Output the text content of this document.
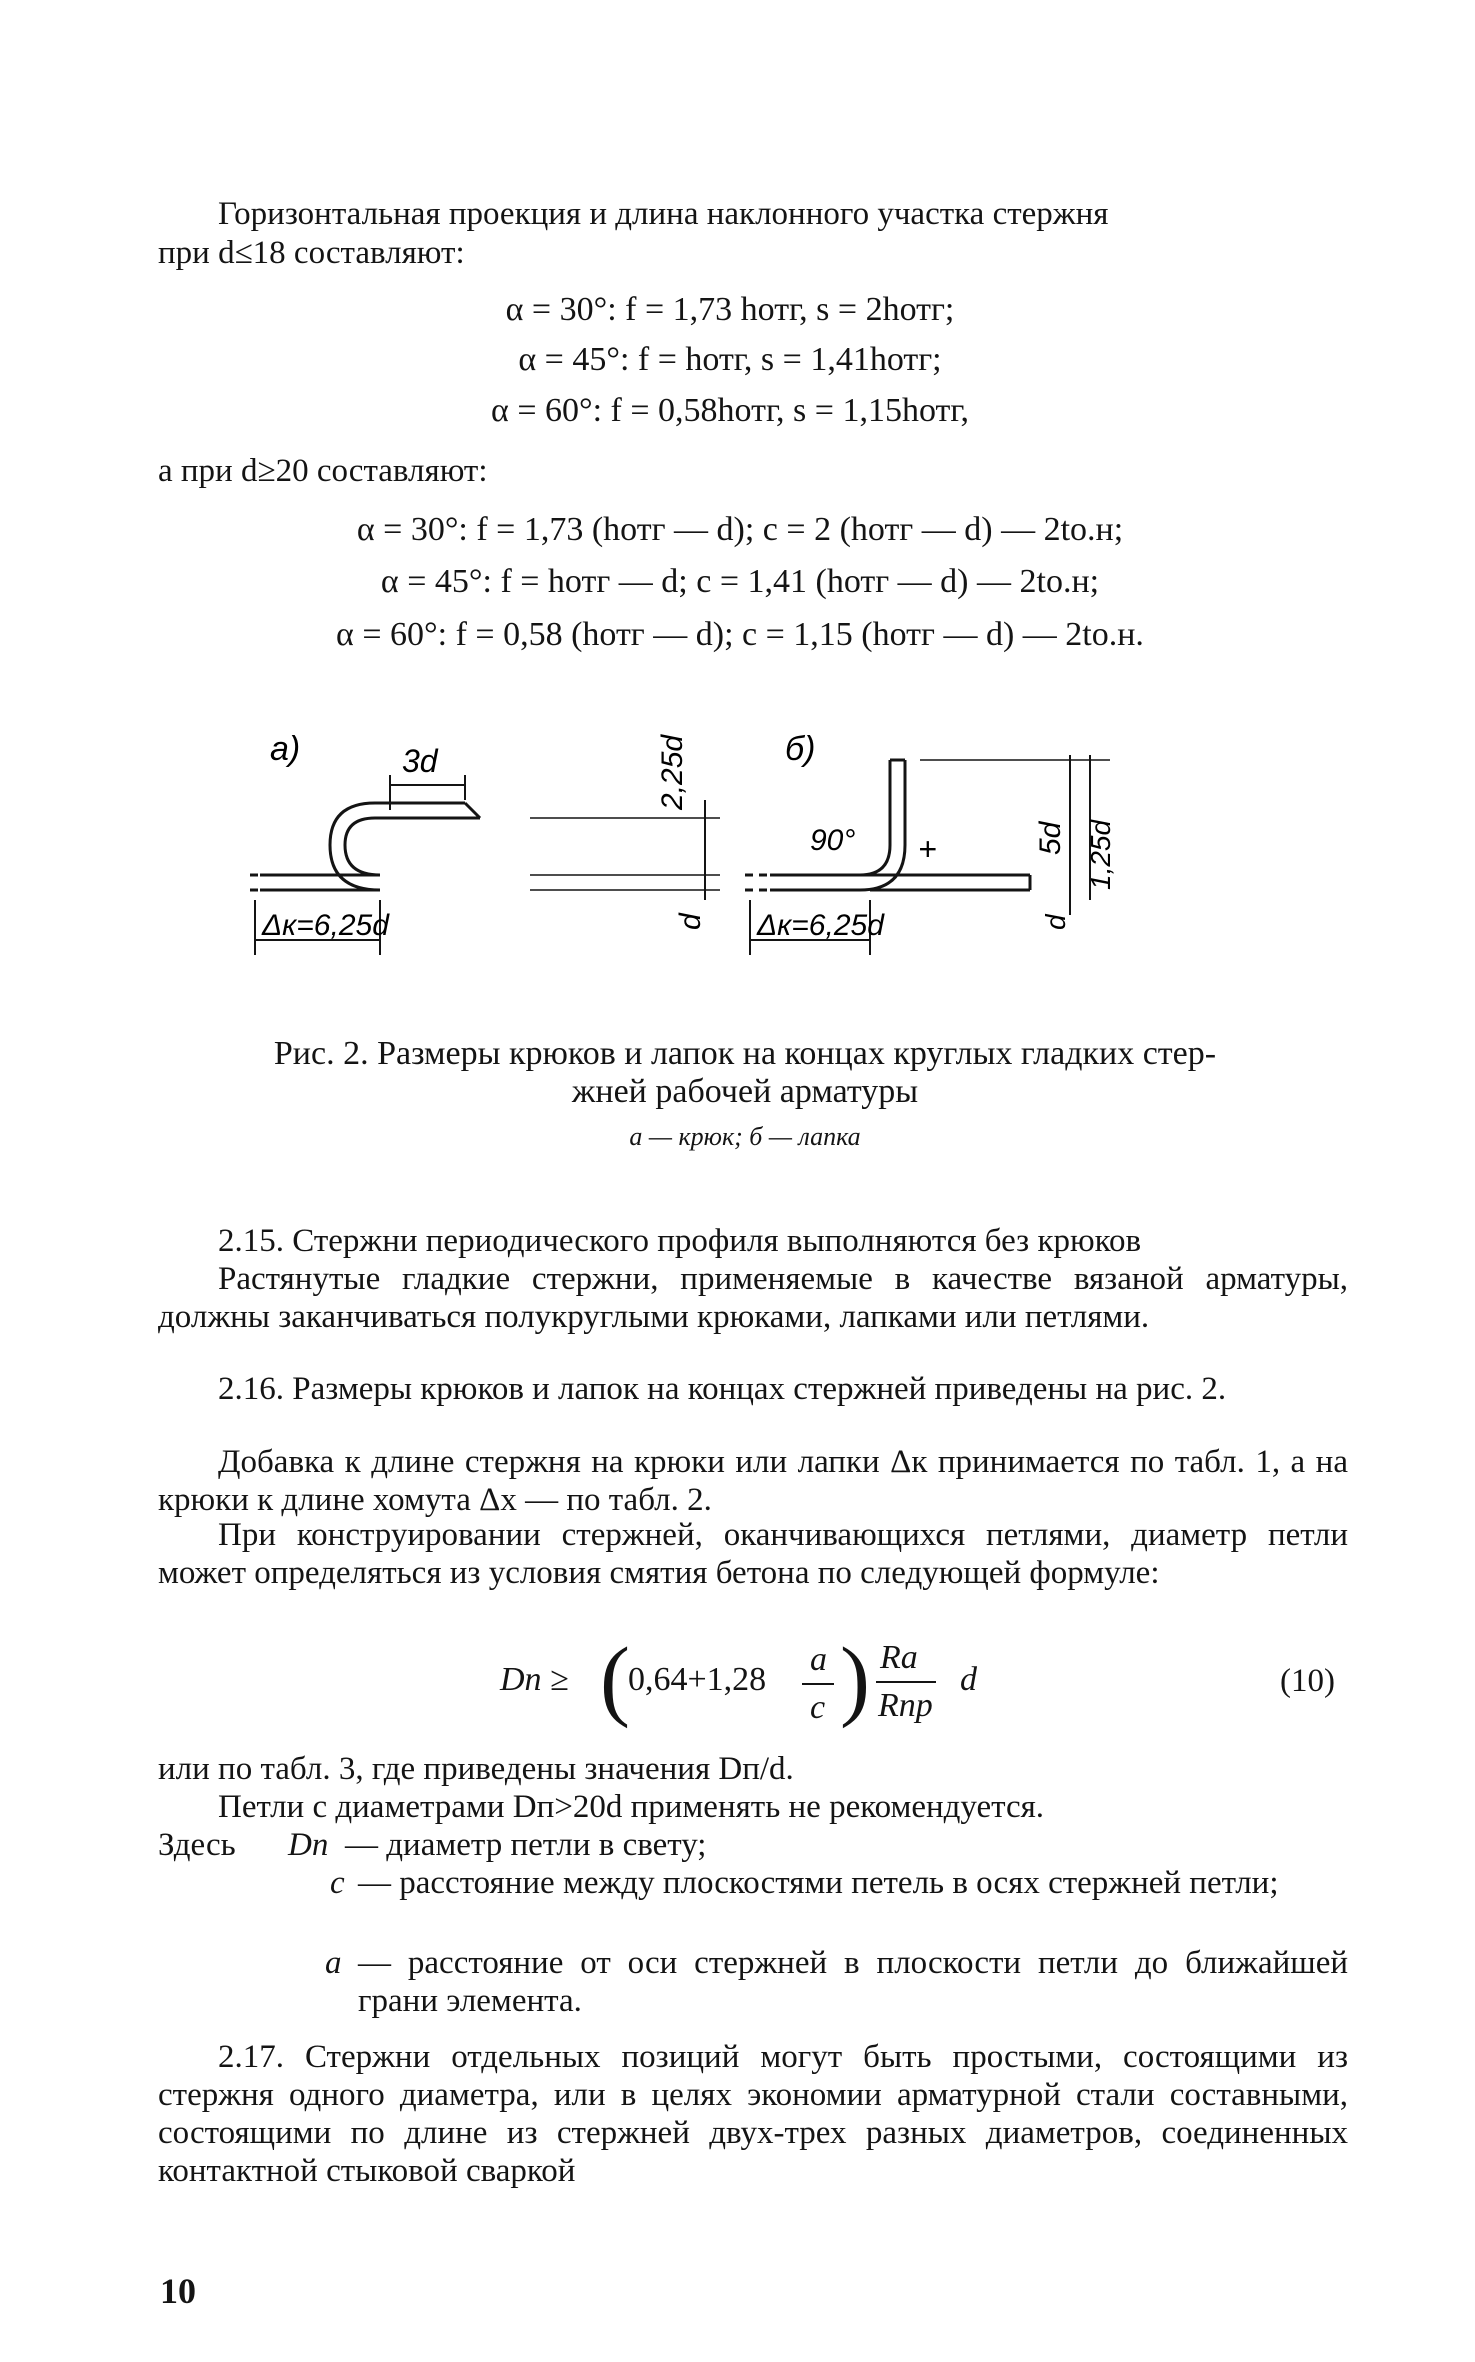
Горизонтальная проекция и длина наклонного участка стержня
при d≤18 составляют:
α = 30°: f = 1,73 hотг, s = 2hотг;
α = 45°: f = hотг, s = 1,41hотг;
α = 60°: f = 0,58hотг, s = 1,15hотг,
а при d≥20 составляют:
α = 30°: f = 1,73 (hотг — d); c = 2 (hотг — d) — 2to.н;
α = 45°: f = hотг — d; c = 1,41 (hотг — d) — 2to.н;
α = 60°: f = 0,58 (hотг — d); c = 1,15 (hотг — d) — 2to.н.
а)	3d	2,25d
d
Δк=6,25d
б)
90° +	5d 1,25d
d
Δк=6,25d
Рис. 2. Размеры крюков и лапок на концах круглых гладких стер-
жней рабочей арматуры
а — крюк; б — лапка
2.15. Стержни периодического профиля выполняются без крюков
Растянутые гладкие стержни, применяемые в качестве вязаной арматуры, должны заканчиваться полукруглыми крюками, лапками или петлями.
2.16. Размеры крюков и лапок на концах стержней приведены на рис. 2.
Добавка к длине стержня на крюки или лапки Δк принимается по табл. 1, а на крюки к длине хомута Δх — по табл. 2.
При конструировании стержней, оканчивающихся петлями, диаметр петли может определяться из условия смятия бетона по следующей формуле:
Dп ≥ (
0,64+1,28
a
c ) Rа
Rпр
d	(10)
или по табл. 3, где приведены значения Dп/d.
Петли с диаметрами Dп>20d применять не рекомендуется.
Здесь	Dп — диаметр петли в свету;
c — расстояние между плоскостями петель в осях стержней петли;
a — расстояние от оси стержней в плоскости петли до ближайшей грани элемента.
2.17. Стержни отдельных позиций могут быть простыми, состоящими из стержня одного диаметра, или в целях экономии арматурной стали составными, состоящими по длине из стержней двух-трех разных диаметров, соединенных контактной стыковой сваркой
10
